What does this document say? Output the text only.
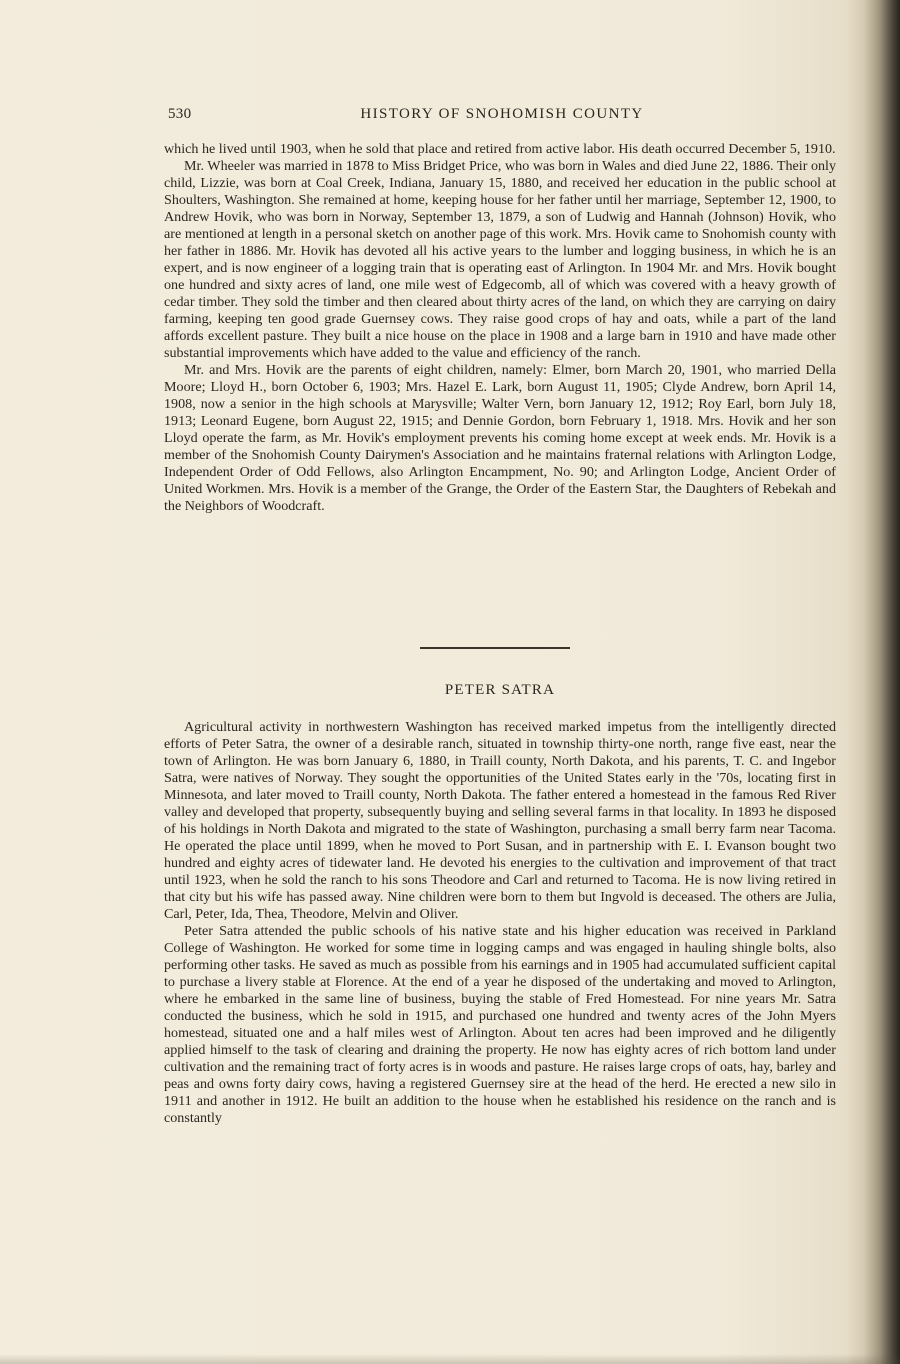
530	HISTORY OF SNOHOMISH COUNTY

which he lived until 1903, when he sold that place and retired from active labor. His death occurred December 5, 1910.

Mr. Wheeler was married in 1878 to Miss Bridget Price, who was born in Wales and died June 22, 1886. Their only child, Lizzie, was born at Coal Creek, Indiana, January 15, 1880, and received her education in the public school at Shoulters, Washington. She remained at home, keeping house for her father until her marriage, September 12, 1900, to Andrew Hovik, who was born in Norway, September 13, 1879, a son of Ludwig and Hannah (Johnson) Hovik, who are mentioned at length in a personal sketch on another page of this work. Mrs. Hovik came to Snohomish county with her father in 1886. Mr. Hovik has devoted all his active years to the lumber and logging business, in which he is an expert, and is now engineer of a logging train that is operating east of Arlington. In 1904 Mr. and Mrs. Hovik bought one hundred and sixty acres of land, one mile west of Edgecomb, all of which was covered with a heavy growth of cedar timber. They sold the timber and then cleared about thirty acres of the land, on which they are carrying on dairy farming, keeping ten good grade Guernsey cows. They raise good crops of hay and oats, while a part of the land affords excellent pasture. They built a nice house on the place in 1908 and a large barn in 1910 and have made other substantial improvements which have added to the value and efficiency of the ranch.

Mr. and Mrs. Hovik are the parents of eight children, namely: Elmer, born March 20, 1901, who married Della Moore; Lloyd H., born October 6, 1903; Mrs. Hazel E. Lark, born August 11, 1905; Clyde Andrew, born April 14, 1908, now a senior in the high schools at Marysville; Walter Vern, born January 12, 1912; Roy Earl, born July 18, 1913; Leonard Eugene, born August 22, 1915; and Dennie Gordon, born February 1, 1918. Mrs. Hovik and her son Lloyd operate the farm, as Mr. Hovik's employment prevents his coming home except at week ends. Mr. Hovik is a member of the Snohomish County Dairymen's Association and he maintains fraternal relations with Arlington Lodge, Independent Order of Odd Fellows, also Arlington Encampment, No. 90; and Arlington Lodge, Ancient Order of United Workmen. Mrs. Hovik is a member of the Grange, the Order of the Eastern Star, the Daughters of Rebekah and the Neighbors of Woodcraft.

PETER SATRA

Agricultural activity in northwestern Washington has received marked impetus from the intelligently directed efforts of Peter Satra, the owner of a desirable ranch, situated in township thirty-one north, range five east, near the town of Arlington. He was born January 6, 1880, in Traill county, North Dakota, and his parents, T. C. and Ingebor Satra, were natives of Norway. They sought the opportunities of the United States early in the '70s, locating first in Minnesota, and later moved to Traill county, North Dakota. The father entered a homestead in the famous Red River valley and developed that property, subsequently buying and selling several farms in that locality. In 1893 he disposed of his holdings in North Dakota and migrated to the state of Washington, purchasing a small berry farm near Tacoma. He operated the place until 1899, when he moved to Port Susan, and in partnership with E. I. Evanson bought two hundred and eighty acres of tidewater land. He devoted his energies to the cultivation and improvement of that tract until 1923, when he sold the ranch to his sons Theodore and Carl and returned to Tacoma. He is now living retired in that city but his wife has passed away. Nine children were born to them but Ingvold is deceased. The others are Julia, Carl, Peter, Ida, Thea, Theodore, Melvin and Oliver.

Peter Satra attended the public schools of his native state and his higher education was received in Parkland College of Washington. He worked for some time in logging camps and was engaged in hauling shingle bolts, also performing other tasks. He saved as much as possible from his earnings and in 1905 had accumulated sufficient capital to purchase a livery stable at Florence. At the end of a year he disposed of the undertaking and moved to Arlington, where he embarked in the same line of business, buying the stable of Fred Homestead. For nine years Mr. Satra conducted the business, which he sold in 1915, and purchased one hundred and twenty acres of the John Myers homestead, situated one and a half miles west of Arlington. About ten acres had been improved and he diligently applied himself to the task of clearing and draining the property. He now has eighty acres of rich bottom land under cultivation and the remaining tract of forty acres is in woods and pasture. He raises large crops of oats, hay, barley and peas and owns forty dairy cows, having a registered Guernsey sire at the head of the herd. He erected a new silo in 1911 and another in 1912. He built an addition to the house when he established his residence on the ranch and is constantly
